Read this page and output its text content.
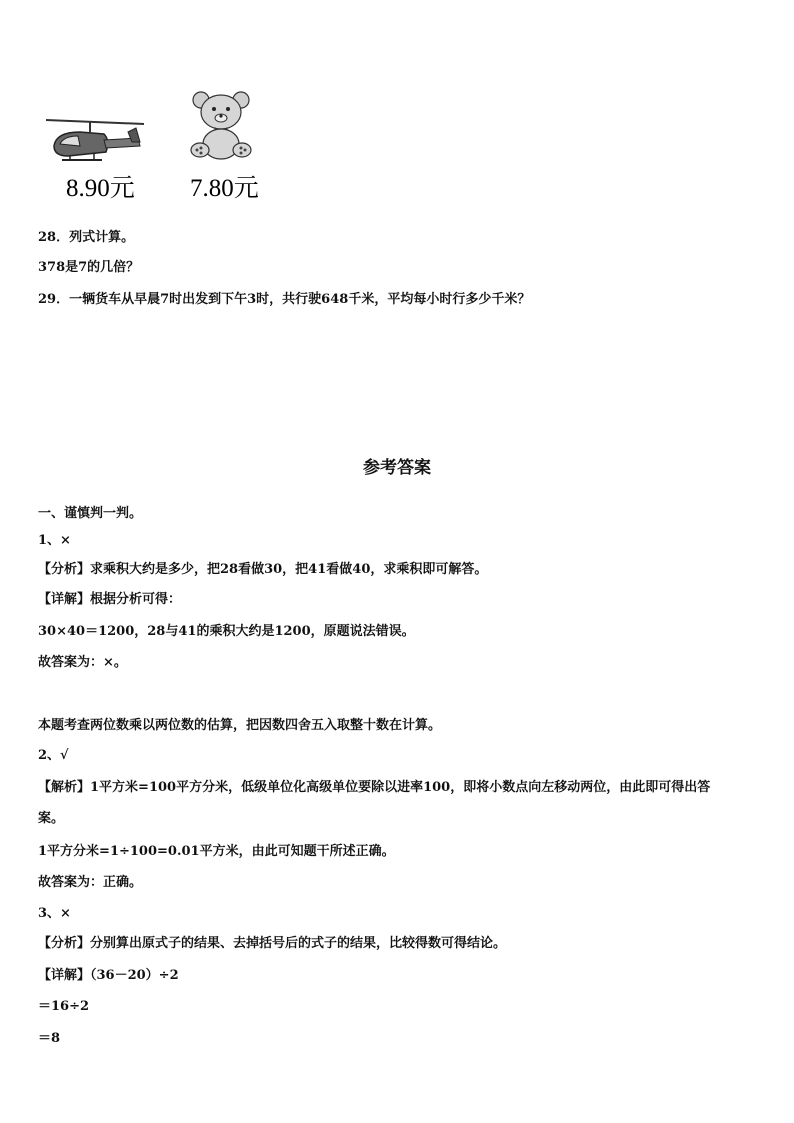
8.90元 7.80元
28．列式计算。
378是7的几倍？
29．一辆货车从早晨7时出发到下午3时，共行驶648千米，平均每小时行多少千米？
参考答案
一、谨慎判一判。
1、×
【分析】求乘积大约是多少，把28看做30，把41看做40，求乘积即可解答。
【详解】根据分析可得：
30×40＝1200，28与41的乘积大约是1200，原题说法错误。
故答案为：×。
本题考查两位数乘以两位数的估算，把因数四舍五入取整十数在计算。
2、√
【解析】1平方米=100平方分米，低级单位化高级单位要除以进率100，即将小数点向左移动两位，由此即可得出答
案。
1平方分米=1÷100=0.01平方米，由此可知题干所述正确。
故答案为：正确。
3、×
【分析】分别算出原式子的结果、去掉括号后的式子的结果，比较得数可得结论。
【详解】（36－20）÷2
＝16÷2
＝8
